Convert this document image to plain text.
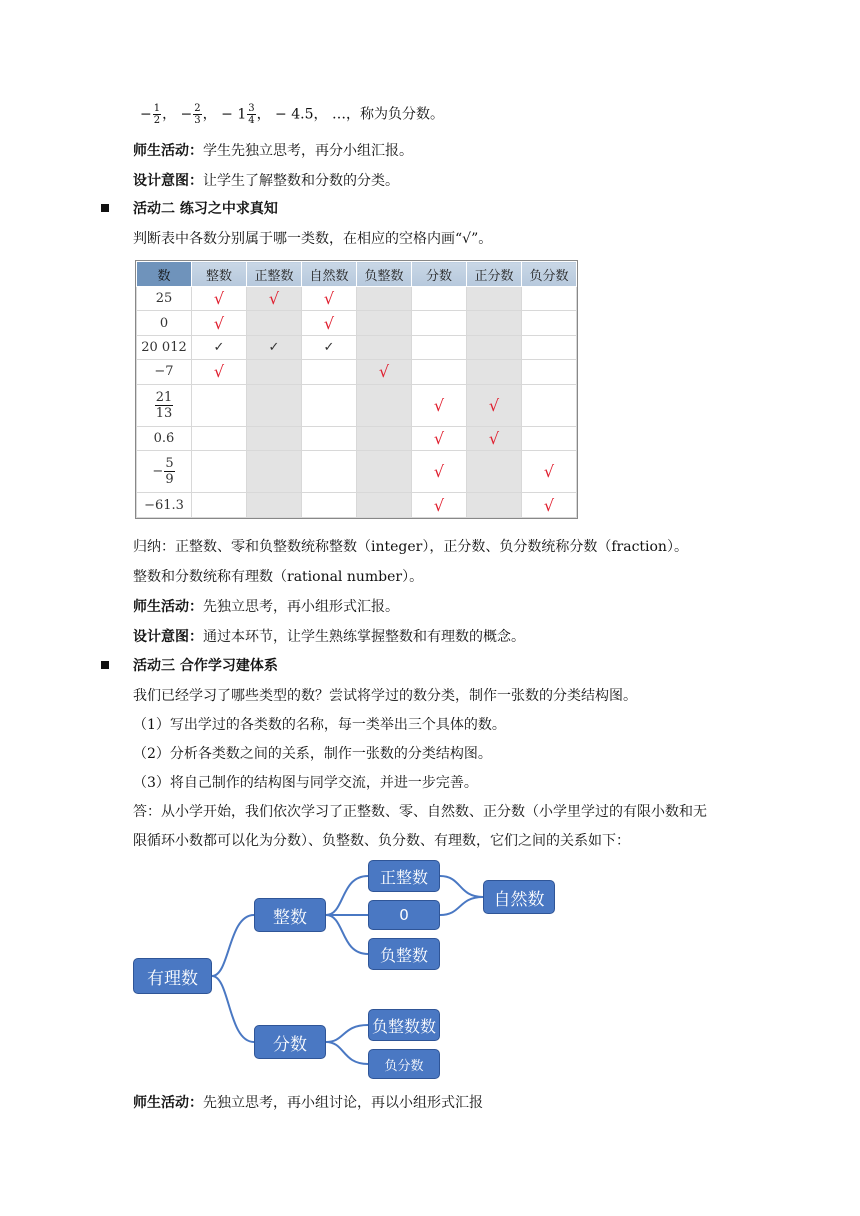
− $\frac{1}{2}$ ， − $\frac{2}{3}$ ， − $1 \frac{3}{4}$ ， − 4.5， …，称为负分数。
师生活动：学生先独立思考，再分小组汇报。
设计意图：让学生了解整数和分数的分类。
活动二 练习之中求真知
判断表中各数分别属于哪一类数，在相应的空格内画“√”。
数	整数	正整数	自然数	负整数	分数	正分数	负分数
25	√	√	√				
0	√		√				
20 012	✓	✓	✓				
−7	√			√			

$\frac{21}{13}$					√	√	
0.6̇					√	√	
− $\frac{5}{9}$					√		√
−61.3					√		√
归纳：正整数、零和负整数统称整数（integer），正分数、负分数统称分数（fraction）。
整数和分数统称有理数（rational number）。
师生活动：先独立思考，再小组形式汇报。
设计意图：通过本环节，让学生熟练掌握整数和有理数的概念。
活动三 合作学习建体系
我们已经学习了哪些类型的数？尝试将学过的数分类，制作一张数的分类结构图。
（1）写出学过的各类数的名称，每一类举出三个具体的数。
（2）分析各类数之间的关系，制作一张数的分类结构图。
（3）将自己制作的结构图与同学交流，并进一步完善。
答：从小学开始，我们依次学习了正整数、零、自然数、正分数（小学里学过的有限小数和无
限循环小数都可以化为分数）、负整数、负分数、有理数，它们之间的关系如下：
有理数
整数
分数
正整数
0
负整数
自然数
负整数数
负分数
师生活动：先独立思考，再小组讨论，再以小组形式汇报
